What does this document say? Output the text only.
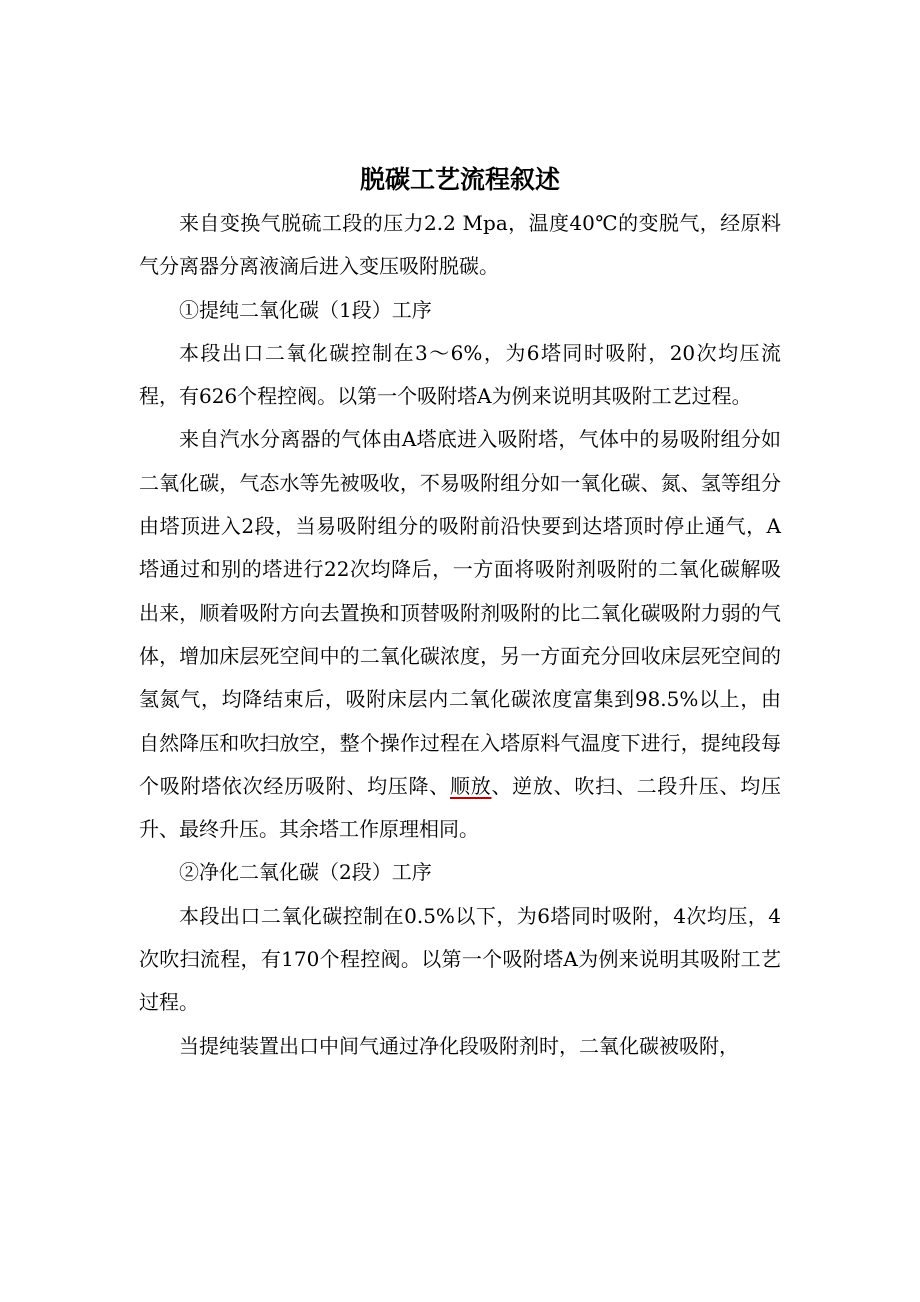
脱碳工艺流程叙述

来自变换气脱硫工段的压力2.2 Mpa，温度40℃的变脱气，经原料气分离器分离液滴后进入变压吸附脱碳。

①提纯二氧化碳（1段）工序

本段出口二氧化碳控制在3～6%，为6塔同时吸附，20次均压流程，有626个程控阀。以第一个吸附塔A为例来说明其吸附工艺过程。

来自汽水分离器的气体由A塔底进入吸附塔，气体中的易吸附组分如二氧化碳，气态水等先被吸收，不易吸附组分如一氧化碳、氮、氢等组分由塔顶进入2段，当易吸附组分的吸附前沿快要到达塔顶时停止通气，A塔通过和别的塔进行22次均降后，一方面将吸附剂吸附的二氧化碳解吸出来，顺着吸附方向去置换和顶替吸附剂吸附的比二氧化碳吸附力弱的气体，增加床层死空间中的二氧化碳浓度，另一方面充分回收床层死空间的氢氮气，均降结束后，吸附床层内二氧化碳浓度富集到98.5%以上，由自然降压和吹扫放空，整个操作过程在入塔原料气温度下进行，提纯段每个吸附塔依次经历吸附、均压降、顺放、逆放、吹扫、二段升压、均压升、最终升压。其余塔工作原理相同。

②净化二氧化碳（2段）工序

本段出口二氧化碳控制在0.5%以下，为6塔同时吸附，4次均压，4次吹扫流程，有170个程控阀。以第一个吸附塔A为例来说明其吸附工艺过程。

当提纯装置出口中间气通过净化段吸附剂时，二氧化碳被吸附，
